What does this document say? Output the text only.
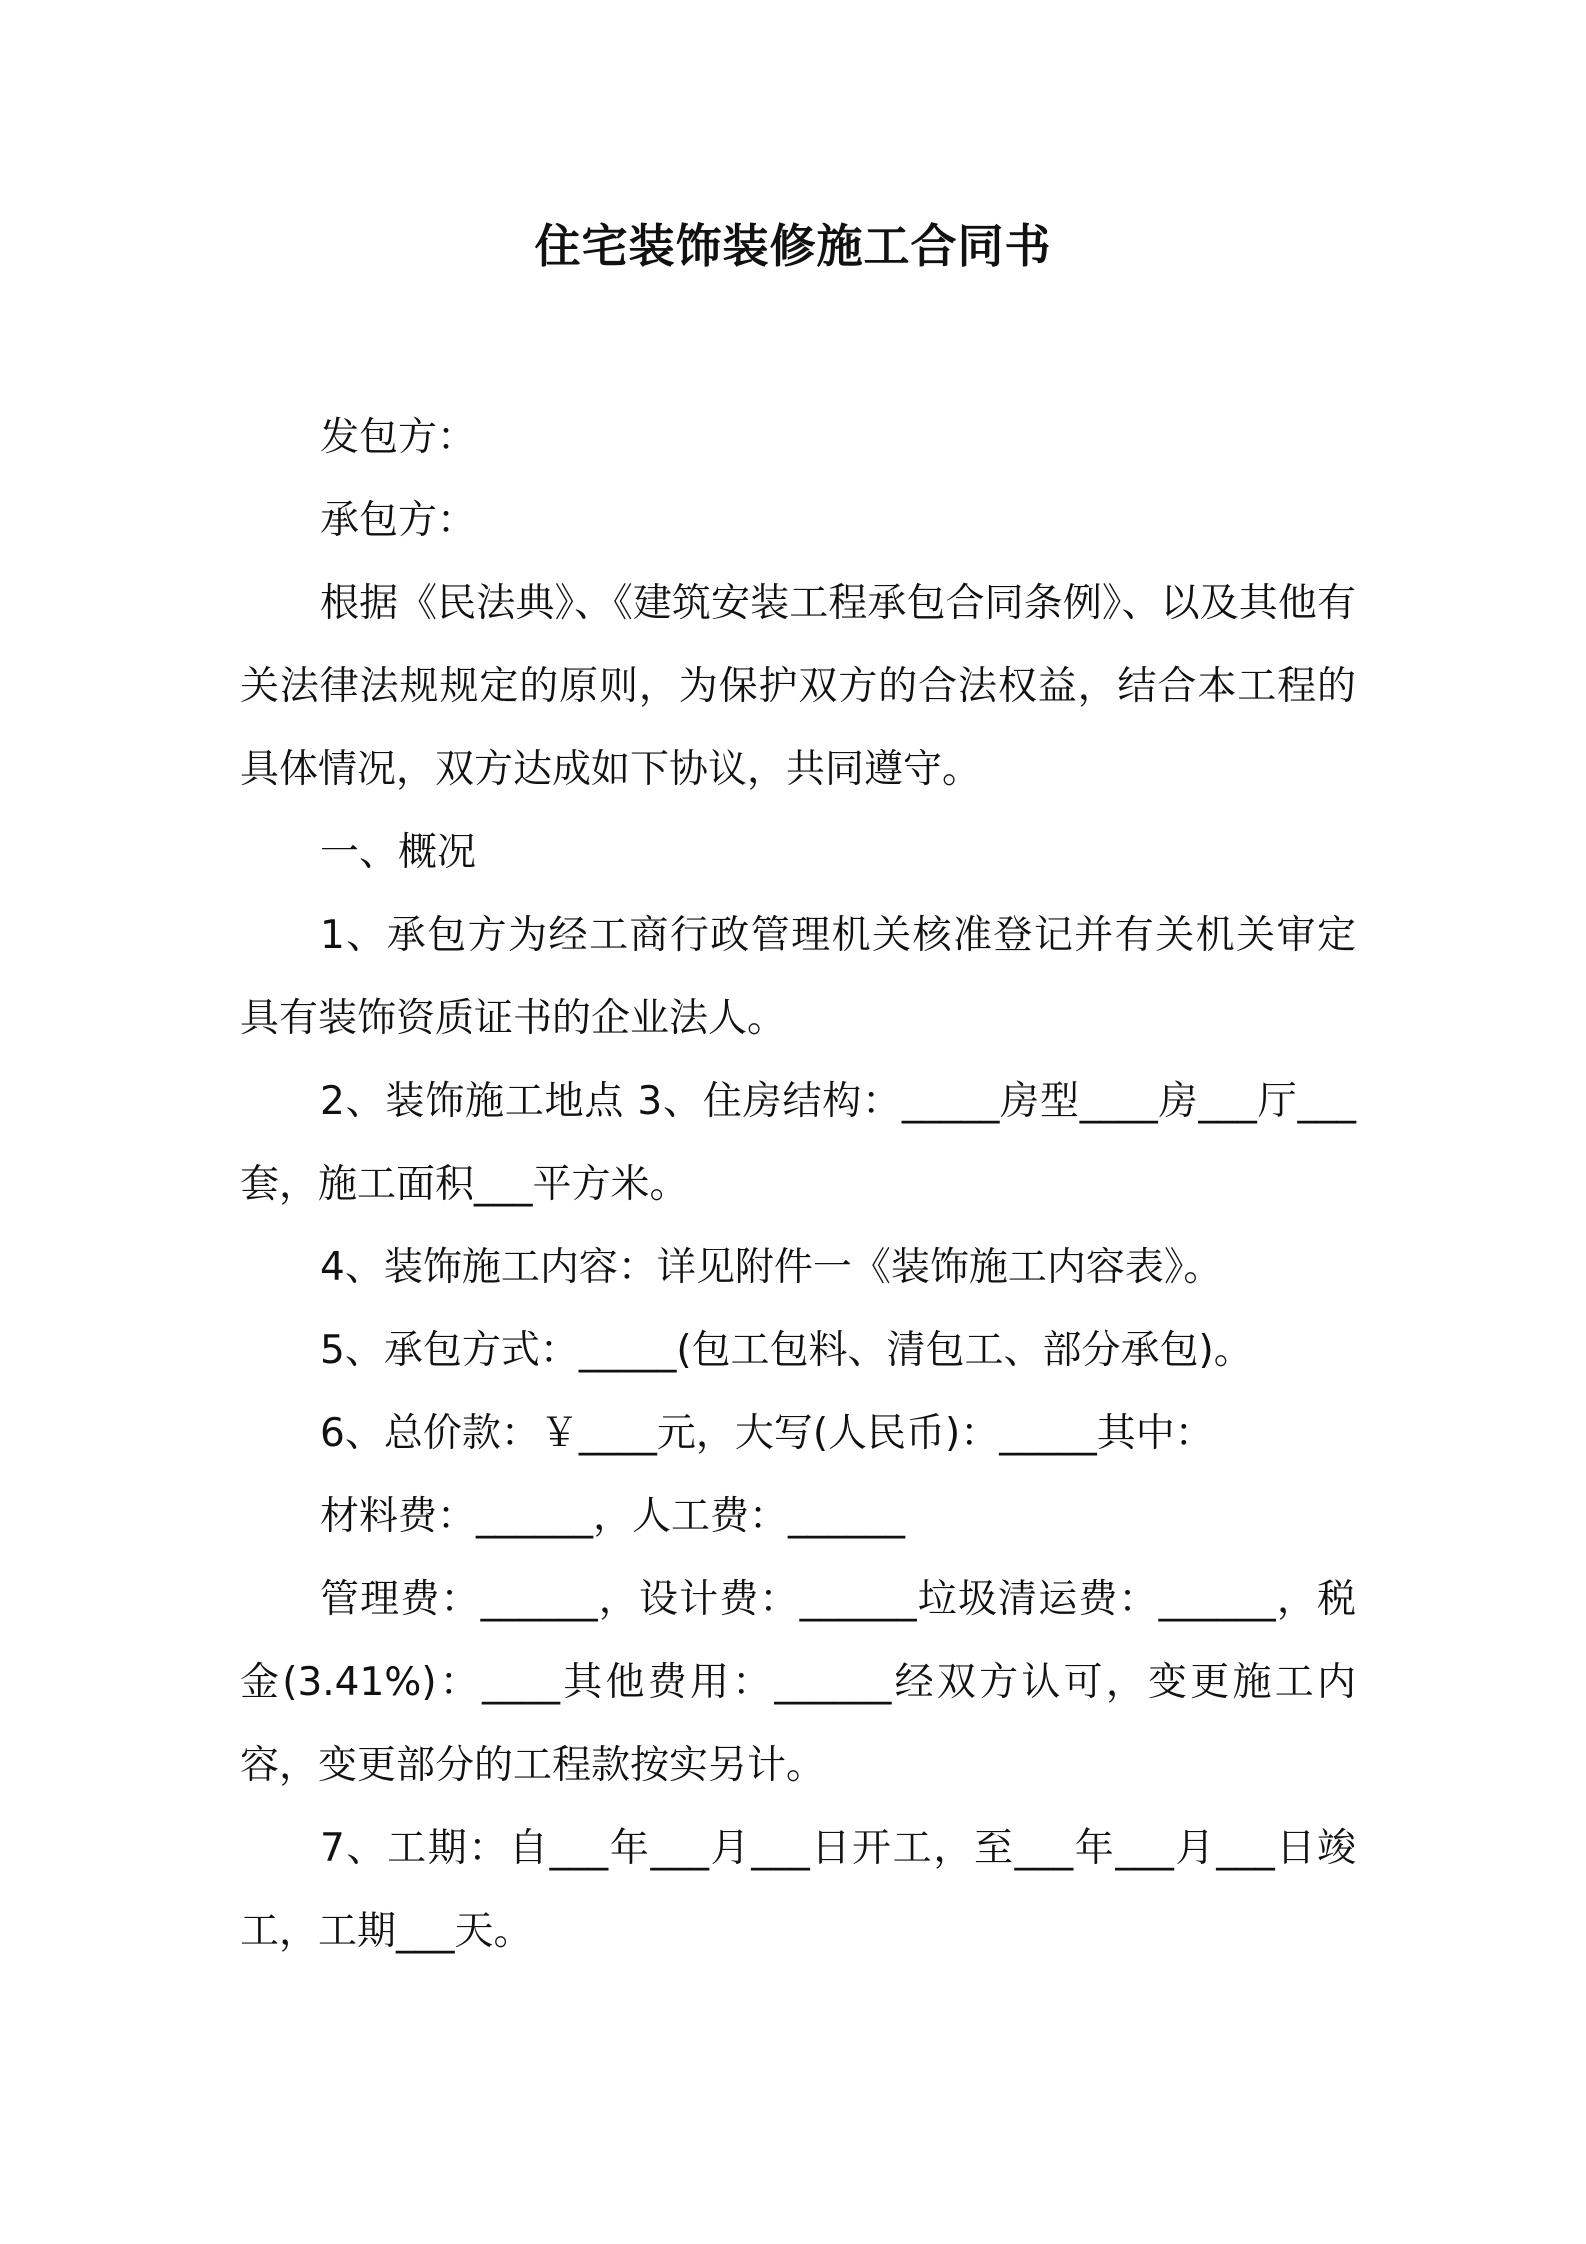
住宅装饰装修施工合同书

发包方：

承包方：

根据《民法典》、《建筑安装工程承包合同条例》、以及其他有关法律法规规定的原则，为保护双方的合法权益，结合本工程的具体情况，双方达成如下协议，共同遵守。

一、概况

1、承包方为经工商行政管理机关核准登记并有关机关审定具有装饰资质证书的企业法人。

2、装饰施工地点 3、住房结构：_____房型____房___厅___套，施工面积___平方米。

4、装饰施工内容：详见附件一《装饰施工内容表》。

5、承包方式：_____(包工包料、清包工、部分承包)。

6、总价款：￥____元，大写(人民币)：_____其中：

材料费：______，人工费：______

管理费：______，设计费：______垃圾清运费：______，税金(3.41%)：____其他费用：______经双方认可，变更施工内容，变更部分的工程款按实另计。

7、工期：自___年___月___日开工，至___年___月___日竣工，工期___天。
